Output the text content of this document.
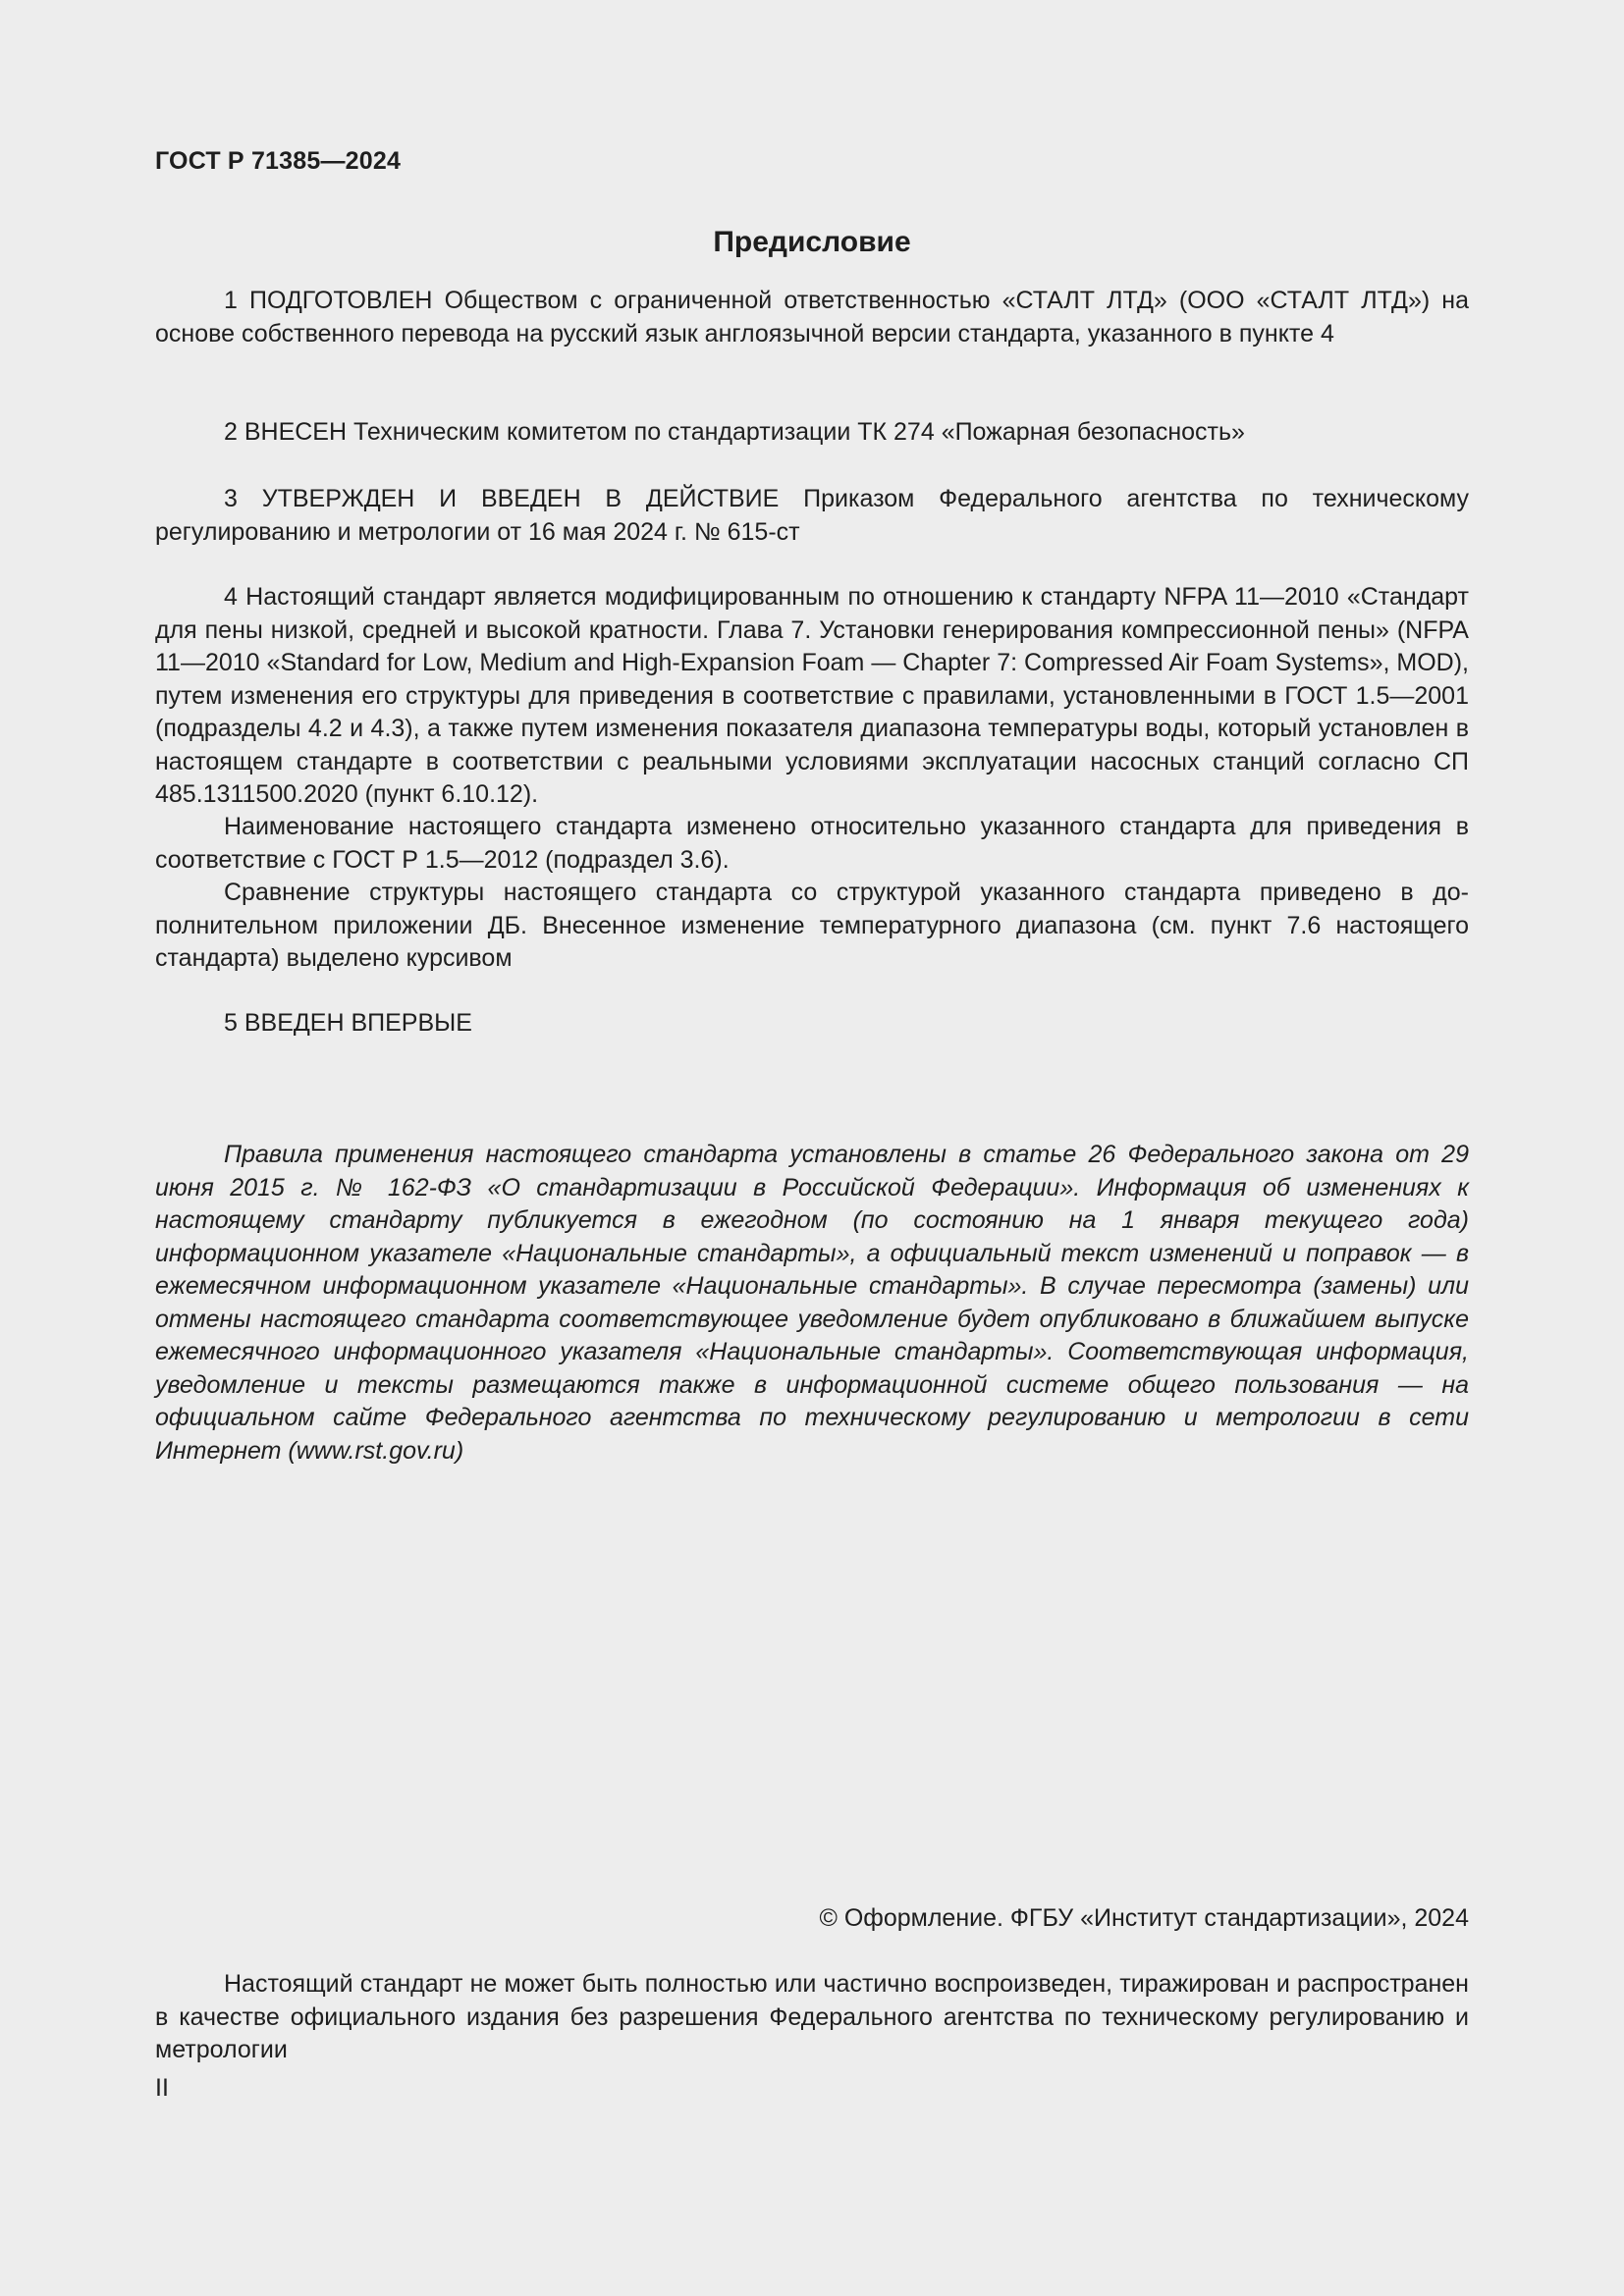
ГОСТ Р 71385—2024
Предисловие

1 ПОДГОТОВЛЕН Обществом с ограниченной ответственностью «СТАЛТ ЛТД» (ООО «СТАЛТ ЛТД») на основе собственного перевода на русский язык англоязычной версии стандарта, указанного в пункте 4

2 ВНЕСЕН Техническим комитетом по стандартизации ТК 274 «Пожарная безопасность»

3 УТВЕРЖДЕН И ВВЕДЕН В ДЕЙСТВИЕ Приказом Федерального агентства по техническому регулированию и метрологии от 16 мая 2024 г. № 615-ст

4 Настоящий стандарт является модифицированным по отношению к стандарту NFPA 11—2010 «Стандарт для пены низкой, средней и высокой кратности. Глава 7. Установки генерирования компрессионной пены» (NFPA 11—2010 «Standard for Low, Medium and High-Expansion Foam — Chapter 7: Compressed Air Foam Systems», MOD), путем изменения его структуры для приведения в соответствие с правилами, установленными в ГОСТ 1.5—2001 (подразделы 4.2 и 4.3), а также путем изменения показателя диапазона температуры воды, который установлен в настоящем стандарте в соответствии с реальными условиями эксплуатации насосных станций согласно СП 485.1311500.2020 (пункт 6.10.12).

Наименование настоящего стандарта изменено относительно указанного стандарта для приведения в соответствие с ГОСТ Р 1.5—2012 (подраздел 3.6).

Сравнение структуры настоящего стандарта со структурой указанного стандарта приведено в дополнительном приложении ДБ. Внесенное изменение температурного диапазона (см. пункт 7.6 настоящего стандарта) выделено курсивом

5 ВВЕДЕН ВПЕРВЫЕ

Правила применения настоящего стандарта установлены в статье 26 Федерального закона от 29 июня 2015 г. № 162-ФЗ «О стандартизации в Российской Федерации». Информация об изменениях к настоящему стандарту публикуется в ежегодном (по состоянию на 1 января текущего года) информационном указателе «Национальные стандарты», а официальный текст изменений и поправок — в ежемесячном информационном указателе «Национальные стандарты». В случае пересмотра (замены) или отмены настоящего стандарта соответствующее уведомление будет опубликовано в ближайшем выпуске ежемесячного информационного указателя «Национальные стандарты». Соответствующая информация, уведомление и тексты размещаются также в информационной системе общего пользования — на официальном сайте Федерального агентства по техническому регулированию и метрологии в сети Интернет (www.rst.gov.ru)

© Оформление. ФГБУ «Институт стандартизации», 2024

Настоящий стандарт не может быть полностью или частично воспроизведен, тиражирован и распространен в качестве официального издания без разрешения Федерального агентства по техническому регулированию и метрологии

II
